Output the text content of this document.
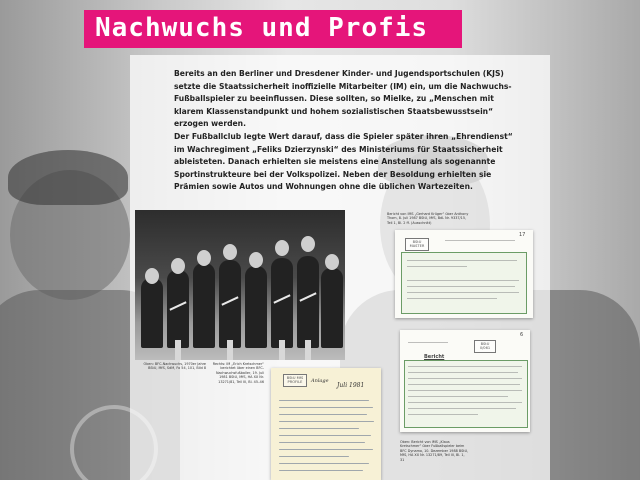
Nachwuchs und Profis

Bereits an den Berliner und Dresdener Kinder- und Jugendsportschulen (KJS) setzte die Staatssicherheit inoffizielle Mitarbeiter (IM) ein, um die Nachwuchs-Fußballspieler zu beeinflussen. Diese sollten, so Mielke, zu „Menschen mit klarem Klassenstandpunkt und hohem sozialistischen Staatsbewusstsein“ erzogen werden.

Der Fußballclub legte Wert darauf, dass die Spieler später ihren „Ehrendienst“ im Wachregiment „Feliks Dzierzynski“ des Ministeriums für Staatssicherheit ableisteten. Danach erhielten sie meistens eine Anstellung als sogenannte Sportinstrukteure bei der Volkspolizei. Neben der Besoldung erhielten sie Prämien sowie Autos und Wohnungen ohne die üblichen Wartezeiten.

Oben: BFC-Nachwuchs, 1970er Jahre BStU, MfS, SdM, Fo 54, 101, Bild 8
Rechts: IM „Erich Kretschmer“ berichtet über einen BFC-Nachwuchsfußballer, 19. Juli 1981 BStU, MfS, HA XX Nr. 13271/81, Teil III, Bl. 45–46
Bericht von IMS „Gerhard Krüger“ über Anthony Thom, 8. Juli 1987 BStU, MfS, BdL Nr. 9337/15, Teil 1, Bl. 2 ff. (Ausschnitt)
Oben: Bericht von IMS „Klaus Kretschmer“ über Fußballspieler beim BFC Dynamo, 10. Dezember 1988 BStU, MfS, HA XX Nr. 13271/89, Teil III, Bl. 1, 31
BStU MfS PROFILE	Juli 1981
Anlage
BStU MASTER
17
BStU 0/061
6
Bericht
